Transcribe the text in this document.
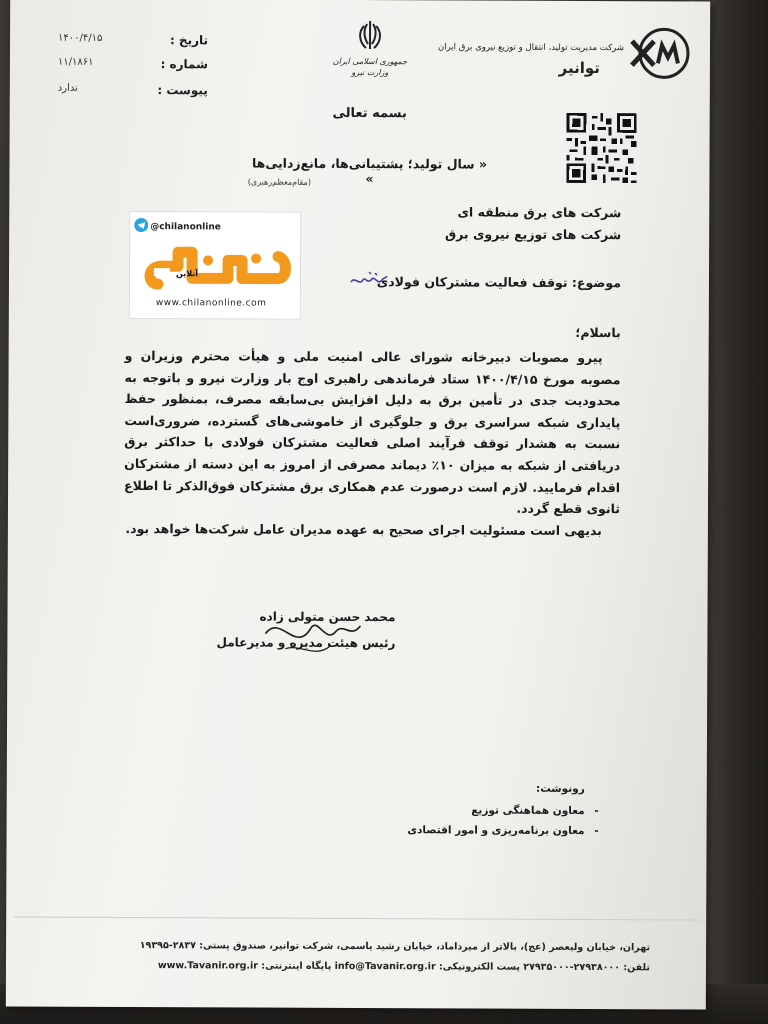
تاریخ :
۱۴۰۰/۴/۱۵
شماره :
۱۱/۱۸۶۱
پیوست :
ندارد
جمهوری اسلامی ایران
وزارت نیرو
شرکت مدیریت تولید، انتقال و توزیع نیروی برق ایران
توانیر
بسمه تعالی
« سال تولید؛ پشتیبانی‌ها، مانع‌زدایی‌ها »
(مقام‌معظم‌رهبری)
شرکت های برق منطقه ای
شرکت های توزیع نیروی برق
@chilanonline
آنلاین
www.chilanonline.com
موضوع: توقف فعالیت مشترکان فولادی
باسلام؛

پیرو مصوبات دبیرخانه شورای عالی امنیت ملی و هیأت محترم وزیران و مصوبه مورخ ۱۴۰۰/۴/۱۵ ستاد فرماندهی راهبری اوج بار وزارت نیرو و باتوجه به محدودیت جدی در تأمین برق به دلیل افزایش بی‌سابقه مصرف، بمنظور حفظ پایداری شبکه سراسری برق و جلوگیری از خاموشی‌های گسترده، ضروری‌است نسبت به هشدار توقف فرآیند اصلی فعالیت مشترکان فولادی با حداکثر برق دریافتی از شبکه به میزان ۱۰٪ دیماند مصرفی از امروز به این دسته از مشترکان اقدام فرمایید. لازم است درصورت عدم همکاری برق مشترکان فوق‌الذکر تا اطلاع ثانوی قطع گردد.

بدیهی است مسئولیت اجرای صحیح به عهده مدیران عامل شرکت‌ها خواهد بود.

محمد حسن متولی زاده
رئیس هیئت مدیره و مدیرعامل
رونوشت:
-
معاون هماهنگی توزیع
-
معاون برنامه‌ریزی و امور اقتصادی
تهران، خیابان ولیعصر (عج)، بالاتر از میرداماد، خیابان رشید یاسمی، شرکت توانیر، صندوق پستی: ۲۸۳۷-۱۹۳۹۵
تلفن: ۲۷۹۳۸۰۰۰-۲۷۹۳۵۰۰۰ پست الکترونیکی: info@Tavanir.org.ir پایگاه اینترنتی: www.Tavanir.org.ir
